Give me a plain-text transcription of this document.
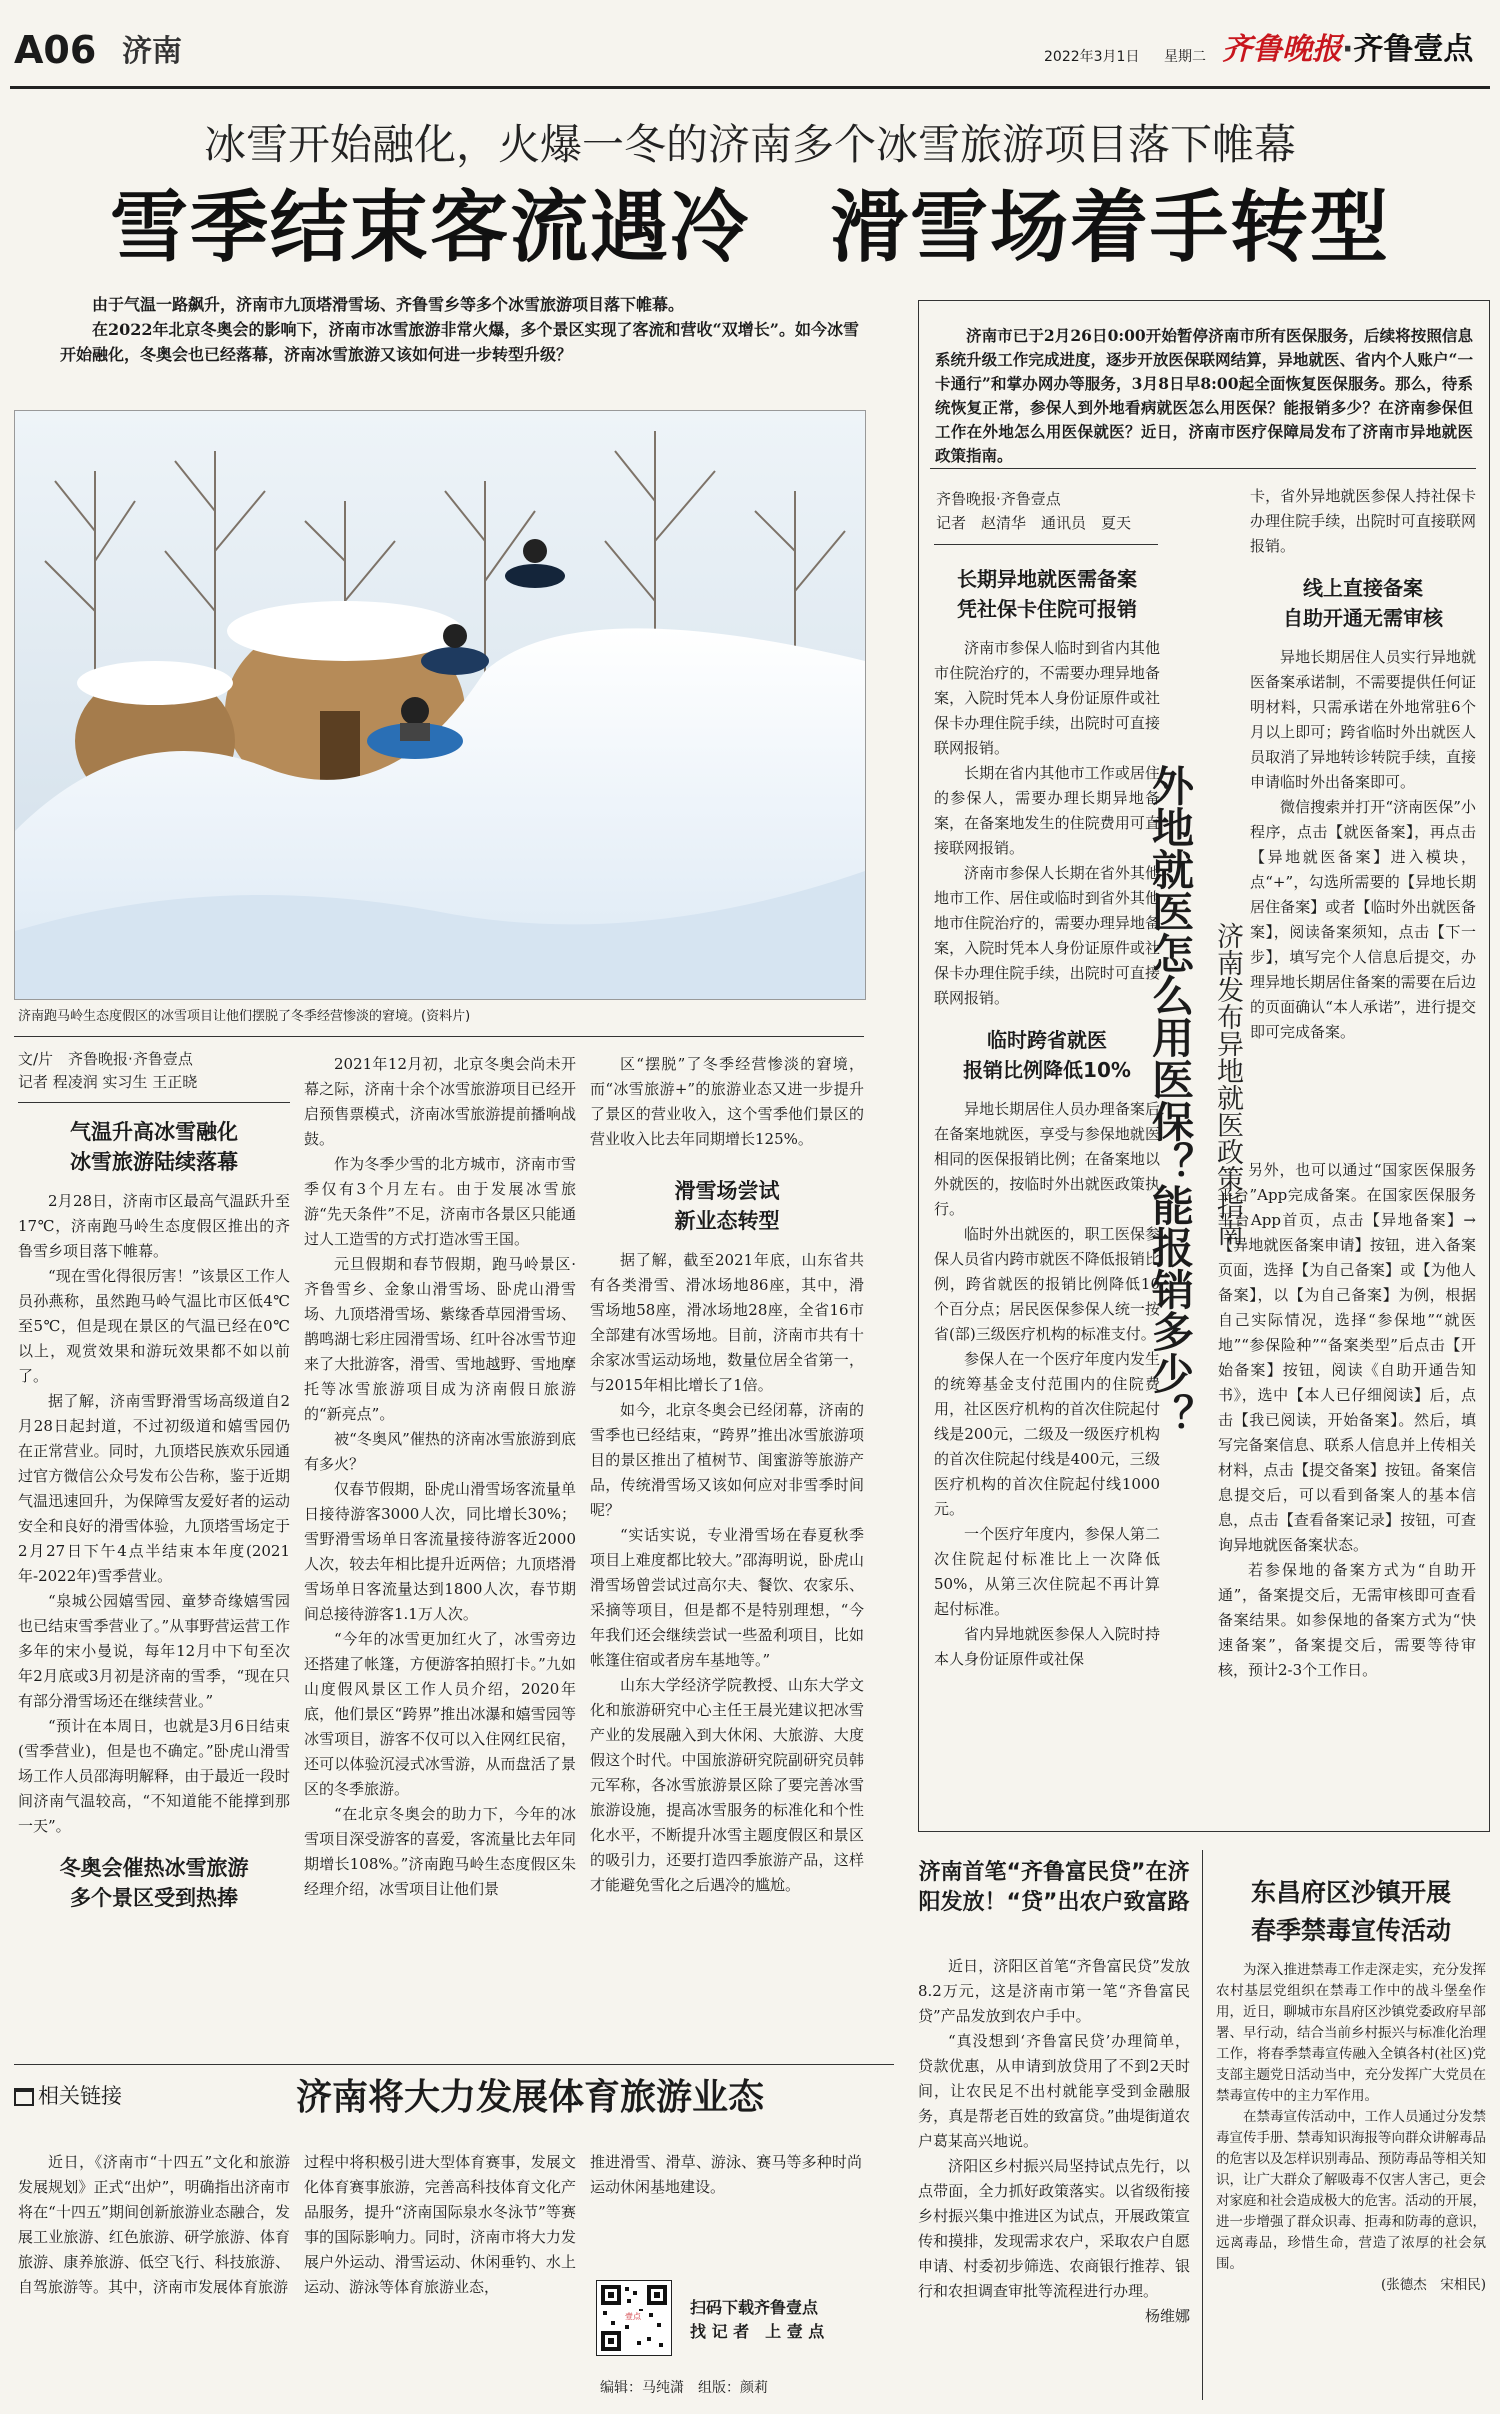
A06 济南	2022年3月1日 星期二 齐鲁晚报·齐鲁壹点
冰雪开始融化，火爆一冬的济南多个冰雪旅游项目落下帷幕
雪季结束客流遇冷　滑雪场着手转型

由于气温一路飙升，济南市九顶塔滑雪场、齐鲁雪乡等多个冰雪旅游项目落下帷幕。

在2022年北京冬奥会的影响下，济南市冰雪旅游非常火爆，多个景区实现了客流和营收“双增长”。如今冰雪开始融化，冬奥会也已经落幕，济南冰雪旅游又该如何进一步转型升级？

济南跑马岭生态度假区的冰雪项目让他们摆脱了冬季经营惨淡的窘境。(资料片)
文/片　齐鲁晚报·齐鲁壹点
记者 程凌润 实习生 王正晓
气温升高冰雪融化
冰雪旅游陆续落幕

2月28日，济南市区最高气温跃升至17℃，济南跑马岭生态度假区推出的齐鲁雪乡项目落下帷幕。

“现在雪化得很厉害！”该景区工作人员孙燕称，虽然跑马岭气温比市区低4℃至5℃，但是现在景区的气温已经在0℃以上，观赏效果和游玩效果都不如以前了。

据了解，济南雪野滑雪场高级道自2月28日起封道，不过初级道和嬉雪园仍在正常营业。同时，九顶塔民族欢乐园通过官方微信公众号发布公告称，鉴于近期气温迅速回升，为保障雪友爱好者的运动安全和良好的滑雪体验，九顶塔雪场定于2月27日下午4点半结束本年度(2021年-2022年)雪季营业。

“泉城公园嬉雪园、童梦奇缘嬉雪园也已结束雪季营业了。”从事野营运营工作多年的宋小曼说，每年12月中下旬至次年2月底或3月初是济南的雪季，“现在只有部分滑雪场还在继续营业。”

“预计在本周日，也就是3月6日结束(雪季营业)，但是也不确定。”卧虎山滑雪场工作人员邵海明解释，由于最近一段时间济南气温较高，“不知道能不能撑到那一天”。

冬奥会催热冰雪旅游
多个景区受到热捧

2021年12月初，北京冬奥会尚未开幕之际，济南十余个冰雪旅游项目已经开启预售票模式，济南冰雪旅游提前播响战鼓。

作为冬季少雪的北方城市，济南市雪季仅有3个月左右。由于发展冰雪旅游“先天条件”不足，济南市各景区只能通过人工造雪的方式打造冰雪王国。

元旦假期和春节假期，跑马岭景区·齐鲁雪乡、金象山滑雪场、卧虎山滑雪场、九顶塔滑雪场、紫缘香草园滑雪场、鹊鸣湖七彩庄园滑雪场、红叶谷冰雪节迎来了大批游客，滑雪、雪地越野、雪地摩托等冰雪旅游项目成为济南假日旅游的“新亮点”。

被“冬奥风”催热的济南冰雪旅游到底有多火？

仅春节假期，卧虎山滑雪场客流量单日接待游客3000人次，同比增长30%；雪野滑雪场单日客流量接待游客近2000人次，较去年相比提升近两倍；九顶塔滑雪场单日客流量达到1800人次，春节期间总接待游客1.1万人次。

“今年的冰雪更加红火了，冰雪旁边还搭建了帐篷，方便游客拍照打卡。”九如山度假风景区工作人员介绍，2020年底，他们景区“跨界”推出冰瀑和嬉雪园等冰雪项目，游客不仅可以入住网红民宿，还可以体验沉浸式冰雪游，从而盘活了景区的冬季旅游。

“在北京冬奥会的助力下，今年的冰雪项目深受游客的喜爱，客流量比去年同期增长108%。”济南跑马岭生态度假区朱经理介绍，冰雪项目让他们景

区“摆脱”了冬季经营惨淡的窘境，而“冰雪旅游+”的旅游业态又进一步提升了景区的营业收入，这个雪季他们景区的营业收入比去年同期增长125%。

滑雪场尝试
新业态转型

据了解，截至2021年底，山东省共有各类滑雪、滑冰场地86座，其中，滑雪场地58座，滑冰场地28座，全省16市全部建有冰雪场地。目前，济南市共有十余家冰雪运动场地，数量位居全省第一，与2015年相比增长了1倍。

如今，北京冬奥会已经闭幕，济南的雪季也已经结束，“跨界”推出冰雪旅游项目的景区推出了植树节、闺蜜游等旅游产品，传统滑雪场又该如何应对非雪季时间呢？

“实话实说，专业滑雪场在春夏秋季项目上难度都比较大。”邵海明说，卧虎山滑雪场曾尝试过高尔夫、餐饮、农家乐、采摘等项目，但是都不是特别理想，“今年我们还会继续尝试一些盈利项目，比如帐篷住宿或者房车基地等。”

山东大学经济学院教授、山东大学文化和旅游研究中心主任王晨光建议把冰雪产业的发展融入到大休闲、大旅游、大度假这个时代。中国旅游研究院副研究员韩元军称，各冰雪旅游景区除了要完善冰雪旅游设施，提高冰雪服务的标准化和个性化水平，不断提升冰雪主题度假区和景区的吸引力，还要打造四季旅游产品，这样才能避免雪化之后遇冷的尴尬。

济南市已于2月26日0:00开始暂停济南市所有医保服务，后续将按照信息系统升级工作完成进度，逐步开放医保联网结算，异地就医、省内个人账户“一卡通行”和掌办网办等服务，3月8日早8:00起全面恢复医保服务。那么，待系统恢复正常，参保人到外地看病就医怎么用医保？能报销多少？在济南参保但工作在外地怎么用医保就医？近日，济南市医疗保障局发布了济南市异地就医政策指南。
齐鲁晚报·齐鲁壹点
记者　赵清华　通讯员　夏天
长期异地就医需备案
凭社保卡住院可报销

济南市参保人临时到省内其他市住院治疗的，不需要办理异地备案，入院时凭本人身份证原件或社保卡办理住院手续，出院时可直接联网报销。

长期在省内其他市工作或居住的参保人，需要办理长期异地备案，在备案地发生的住院费用可直接联网报销。

济南市参保人长期在省外其他地市工作、居住或临时到省外其他地市住院治疗的，需要办理异地备案，入院时凭本人身份证原件或社保卡办理住院手续，出院时可直接联网报销。

临时跨省就医
报销比例降低10%

异地长期居住人员办理备案后在备案地就医，享受与参保地就医相同的医保报销比例；在备案地以外就医的，按临时外出就医政策执行。

临时外出就医的，职工医保参保人员省内跨市就医不降低报销比例，跨省就医的报销比例降低10个百分点；居民医保参保人统一按省(部)三级医疗机构的标准支付。

参保人在一个医疗年度内发生的统筹基金支付范围内的住院费用，社区医疗机构的首次住院起付线是200元，二级及一级医疗机构的首次住院起付线是400元，三级医疗机构的首次住院起付线1000元。

一个医疗年度内，参保人第二次住院起付标准比上一次降低50%，从第三次住院起不再计算起付标准。

省内异地就医参保人入院时持本人身份证原件或社保

外地就医怎么用医保？能报销多少？ 济南发布异地就医政策指南

卡，省外异地就医参保人持社保卡办理住院手续，出院时可直接联网报销。

线上直接备案
自助开通无需审核

异地长期居住人员实行异地就医备案承诺制，不需要提供任何证明材料，只需承诺在外地常驻6个月以上即可；跨省临时外出就医人员取消了异地转诊转院手续，直接申请临时外出备案即可。

微信搜索并打开“济南医保”小程序，点击【就医备案】，再点击【异地就医备案】进入模块，点“+”，勾选所需要的【异地长期居住备案】或者【临时外出就医备案】，阅读备案须知，点击【下一步】，填写完个人信息后提交，办理异地长期居住备案的需要在后边的页面确认“本人承诺”，进行提交即可完成备案。

另外，也可以通过“国家医保服务平台”App完成备案。在国家医保服务平台App首页，点击【异地备案】→【异地就医备案申请】按钮，进入备案页面，选择【为自己备案】或【为他人备案】，以【为自己备案】为例，根据自己实际情况，选择“参保地”“就医地”“参保险种”“备案类型”后点击【开始备案】按钮，阅读《自助开通告知书》，选中【本人已仔细阅读】后，点击【我已阅读，开始备案】。然后，填写完备案信息、联系人信息并上传相关材料，点击【提交备案】按钮。备案信息提交后，可以看到备案人的基本信息，点击【查看备案记录】按钮，可查询异地就医备案状态。

若参保地的备案方式为“自助开通”，备案提交后，无需审核即可查看备案结果。如参保地的备案方式为“快速备案”，备案提交后，需要等待审核，预计2-3个工作日。

济南首笔“齐鲁富民贷”在济阳发放！“贷”出农户致富路

近日，济阳区首笔“齐鲁富民贷”发放8.2万元，这是济南市第一笔“齐鲁富民贷”产品发放到农户手中。

“真没想到‘齐鲁富民贷’办理简单，贷款优惠，从申请到放贷用了不到2天时间，让农民足不出村就能享受到金融服务，真是帮老百姓的致富贷。”曲堤街道农户葛某高兴地说。

济阳区乡村振兴局坚持试点先行，以点带面，全力抓好政策落实。以省级衔接乡村振兴集中推进区为试点，开展政策宣传和摸排，发现需求农户，采取农户自愿申请、村委初步筛选、农商银行推荐、银行和农担调查审批等流程进行办理。

杨维娜

东昌府区沙镇开展
春季禁毒宣传活动

为深入推进禁毒工作走深走实，充分发挥农村基层党组织在禁毒工作中的战斗堡垒作用，近日，聊城市东昌府区沙镇党委政府早部署、早行动，结合当前乡村振兴与标准化治理工作，将春季禁毒宣传融入全镇各村(社区)党支部主题党日活动当中，充分发挥广大党员在禁毒宣传中的主力军作用。

在禁毒宣传活动中，工作人员通过分发禁毒宣传手册、禁毒知识海报等向群众讲解毒品的危害以及怎样识别毒品、预防毒品等相关知识，让广大群众了解吸毒不仅害人害己，更会对家庭和社会造成极大的危害。活动的开展，进一步增强了群众识毒、拒毒和防毒的意识，远离毒品，珍惜生命，营造了浓厚的社会氛围。

(张德杰　宋相民)

相关链接	济南将大力发展体育旅游业态

近日，《济南市“十四五”文化和旅游发展规划》正式“出炉”，明确指出济南市将在“十四五”期间创新旅游业态融合，发展工业旅游、红色旅游、研学旅游、体育旅游、康养旅游、低空飞行、科技旅游、自驾旅游等。其中，济南市发展体育旅游

过程中将积极引进大型体育赛事，发展文化体育赛事旅游，完善高科技体育文化产品服务，提升“济南国际泉水冬泳节”等赛事的国际影响力。同时，济南市将大力发展户外运动、滑雪运动、休闲垂钓、水上运动、游泳等体育旅游业态，

推进滑雪、滑草、游泳、赛马等多种时尚运动休闲基地建设。

壹点	扫码下载齐鲁壹点
找 记 者　上 壹 点
编辑：马纯潇　组版：颜莉
